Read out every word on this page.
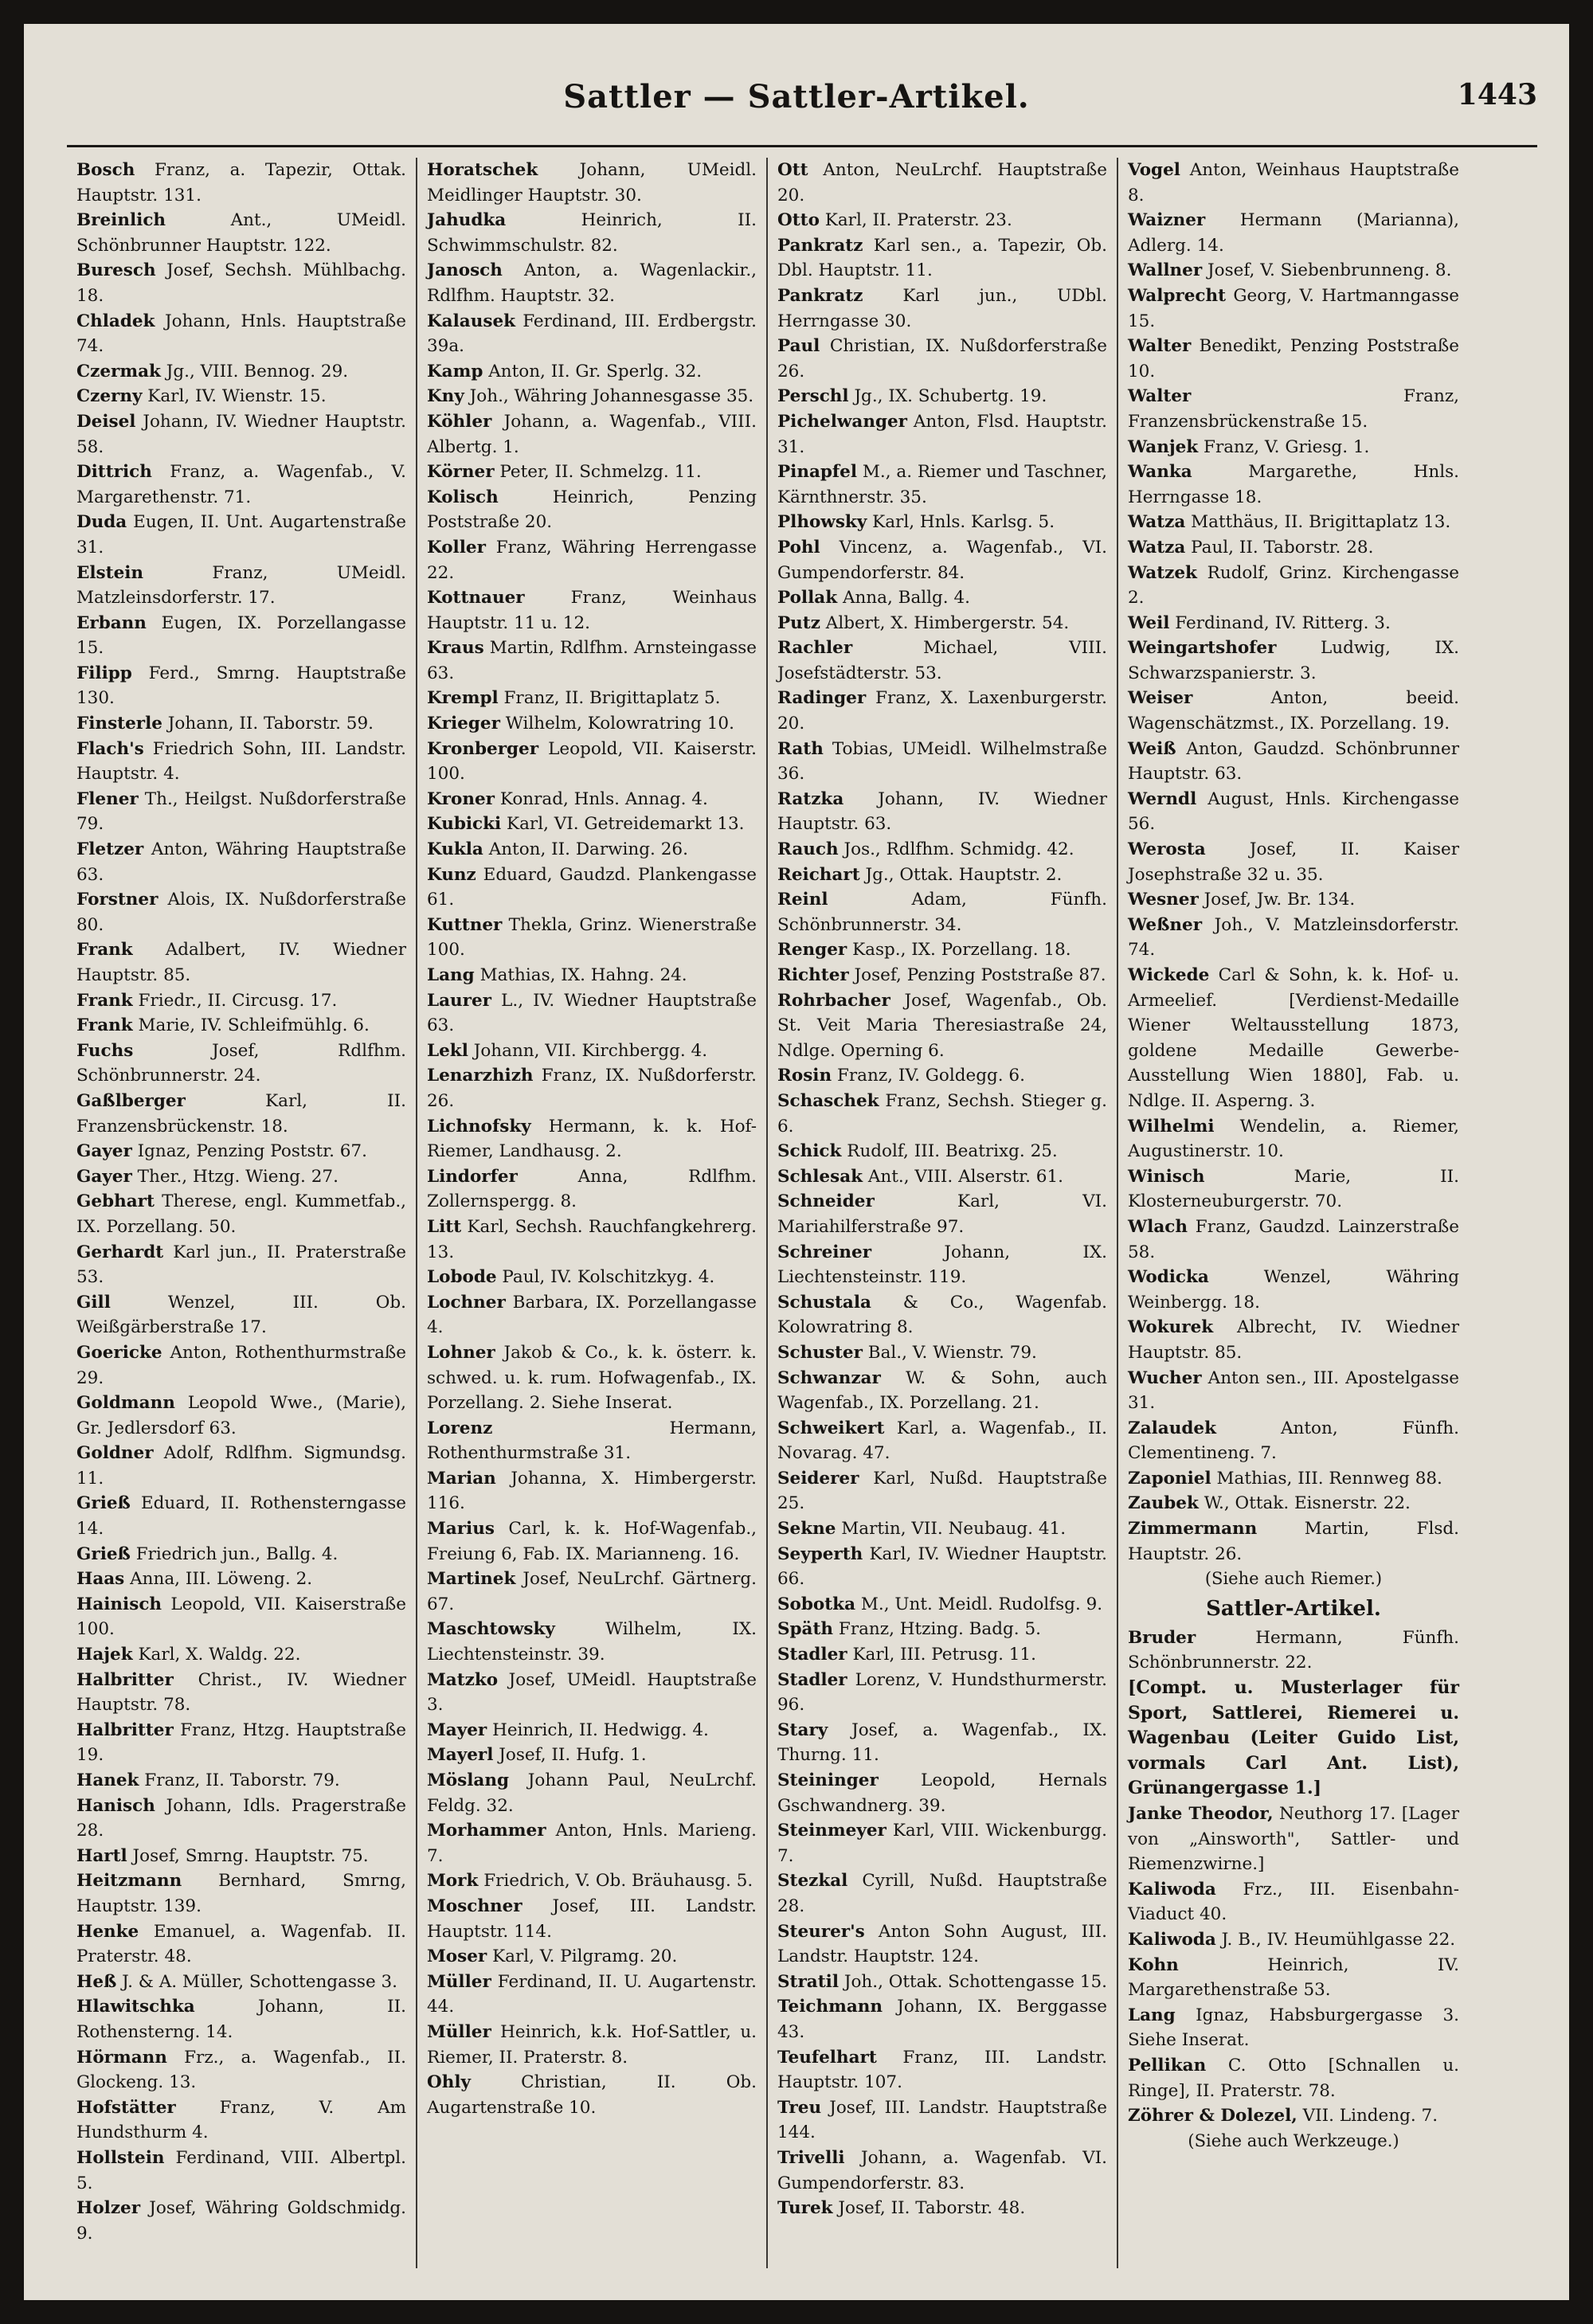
Sattler — Sattler-Artikel.	1443
Bosch Franz, a. Tapezir, Ottak. Hauptstr. 131.
Breinlich	Ant., UMeidl. Schönbrunner Hauptstr. 122.
Buresch Josef, Sechsh. Mühlbachg. 18.
Chladek Johann, Hnls. Hauptstraße 74.
Czermak Jg., VIII. Bennog. 29.
Czerny Karl, IV. Wienstr. 15.
Deisel Johann, IV. Wiedner Hauptstr. 58.
Dittrich Franz, a. Wagenfab., V. Margarethenstr. 71.
Duda Eugen, II. Unt. Augartenstraße 31.
Elstein	Franz, UMeidl. Matzleinsdorferstr. 17.
Erbann Eugen, IX. Porzellangasse 15.
Filipp Ferd., Smrng. Hauptstraße 130.
Finsterle Johann, II. Taborstr. 59.
Flach's Friedrich Sohn, III. Landstr. Hauptstr. 4.
Flener Th., Heilgst. Nußdorferstraße 79.
Fletzer Anton, Währing Hauptstraße 63.
Forstner Alois, IX. Nußdorferstraße 80.
Frank Adalbert, IV. Wiedner Hauptstr. 85.
Frank Friedr., II. Circusg. 17.
Frank Marie, IV. Schleifmühlg. 6.
Fuchs	Josef, Rdlfhm. Schönbrunnerstr. 24.
Gaßlberger	Karl, II. Franzensbrückenstr. 18.
Gayer Ignaz, Penzing Poststr. 67.
Gayer Ther., Htzg. Wieng. 27.
Gebhart Therese, engl. Kummetfab., IX. Porzellang. 50.
Gerhardt Karl jun., II. Praterstraße 53.
Gill	Wenzel, III. Ob. Weißgärberstraße 17.
Goericke Anton, Rothenthurmstraße 29.
Goldmann Leopold Wwe., (Marie), Gr. Jedlersdorf 63.
Goldner Adolf, Rdlfhm. Sigmundsg. 11.
Grieß Eduard, II. Rothensterngasse 14.
Grieß Friedrich jun., Ballg. 4.
Haas Anna, III. Löweng. 2.
Hainisch Leopold, VII. Kaiserstraße 100.
Hajek Karl, X. Waldg. 22.
Halbritter Christ., IV. Wiedner Hauptstr. 78.
Halbritter Franz, Htzg. Hauptstraße 19.
Hanek Franz, II. Taborstr. 79.
Hanisch Johann, Idls. Pragerstraße 28.
Hartl Josef, Smrng. Hauptstr. 75.
Heitzmann Bernhard, Smrng, Hauptstr. 139.
Henke Emanuel, a. Wagenfab. II. Praterstr. 48.
Heß J. & A. Müller, Schottengasse 3.
Hlawitschka	Johann, II. Rothensterng. 14.
Hörmann Frz., a. Wagenfab., II. Glockeng. 13.
Hofstätter	Franz, V. Am Hundsthurm 4.
Hollstein Ferdinand, VIII. Albertpl. 5.
Holzer Josef, Währing Goldschmidg. 9.
Horatschek Johann, UMeidl. Meidlinger Hauptstr. 30.
Jahudka	Heinrich, II. Schwimmschulstr. 82.
Janosch Anton, a. Wagenlackir., Rdlfhm. Hauptstr. 32.
Kalausek Ferdinand, III. Erdbergstr. 39a.
Kamp Anton, II. Gr. Sperlg. 32.
Kny Joh., Währing Johannesgasse 35.
Köhler Johann, a. Wagenfab., VIII. Albertg. 1.
Körner Peter, II. Schmelzg. 11.
Kolisch	Heinrich, Penzing Poststraße 20.
Koller Franz, Währing Herrengasse 22.
Kottnauer	Franz, Weinhaus Hauptstr. 11 u. 12.
Kraus Martin, Rdlfhm. Arnsteingasse 63.
Krempl Franz, II. Brigittaplatz 5.
Krieger Wilhelm, Kolowratring 10.
Kronberger Leopold, VII. Kaiserstr. 100.
Kroner Konrad, Hnls. Annag. 4.
Kubicki Karl, VI. Getreidemarkt 13.
Kukla Anton, II. Darwing. 26.
Kunz Eduard, Gaudzd. Plankengasse 61.
Kuttner Thekla, Grinz. Wienerstraße 100.
Lang Mathias, IX. Hahng. 24.
Laurer L., IV. Wiedner Hauptstraße 63.
Lekl Johann, VII. Kirchbergg. 4.
Lenarzhizh Franz, IX. Nußdorferstr. 26.
Lichnofsky Hermann, k. k. Hof-Riemer, Landhausg. 2.
Lindorfer	Anna, Rdlfhm. Zollernspergg. 8.
Litt Karl, Sechsh. Rauchfangkehrerg. 13.
Lobode Paul, IV. Kolschitzkyg. 4.
Lochner Barbara, IX. Porzellangasse 4.
Lohner Jakob & Co., k. k. österr. k. schwed. u. k. rum. Hofwagenfab., IX. Porzellang. 2. Siehe Inserat.
Lorenz	Hermann, Rothenthurmstraße 31.
Marian Johanna, X. Himbergerstr. 116.
Marius Carl, k. k. Hof-Wagenfab., Freiung 6, Fab. IX. Marianneng. 16.
Martinek Josef, NeuLrchf. Gärtnerg. 67.
Maschtowsky	Wilhelm, IX. Liechtensteinstr. 39.
Matzko Josef, UMeidl. Hauptstraße 3.
Mayer Heinrich, II. Hedwigg. 4.
Mayerl Josef, II. Hufg. 1.
Möslang Johann Paul, NeuLrchf. Feldg. 32.
Morhammer Anton, Hnls. Marieng. 7.
Mork Friedrich, V. Ob. Bräuhausg. 5.
Moschner Josef, III. Landstr. Hauptstr. 114.
Moser Karl, V. Pilgramg. 20.
Müller Ferdinand, II. U. Augartenstr. 44.
Müller Heinrich, k.k. Hof-Sattler, u. Riemer, II. Praterstr. 8.
Ohly	Christian, II. Ob. Augartenstraße 10.
Ott Anton, NeuLrchf. Hauptstraße 20.
Otto Karl, II. Praterstr. 23.
Pankratz Karl sen., a. Tapezir, Ob. Dbl. Hauptstr. 11.
Pankratz Karl jun., UDbl. Herrngasse 30.
Paul Christian, IX. Nußdorferstraße 26.
Perschl Jg., IX. Schubertg. 19.
Pichelwanger Anton, Flsd. Hauptstr. 31.
Pinapfel M., a. Riemer und Taschner, Kärnthnerstr. 35.
Plhowsky Karl, Hnls. Karlsg. 5.
Pohl Vincenz, a. Wagenfab., VI. Gumpendorferstr. 84.
Pollak Anna, Ballg. 4.
Putz Albert, X. Himbergerstr. 54.
Rachler	Michael, VIII. Josefstädterstr. 53.
Radinger Franz, X. Laxenburgerstr. 20.
Rath Tobias, UMeidl. Wilhelmstraße 36.
Ratzka Johann, IV. Wiedner Hauptstr. 63.
Rauch Jos., Rdlfhm. Schmidg. 42.
Reichart Jg., Ottak. Hauptstr. 2.
Reinl	Adam, Fünfh. Schönbrunnerstr. 34.
Renger Kasp., IX. Porzellang. 18.
Richter Josef, Penzing Poststraße 87.
Rohrbacher Josef, Wagenfab., Ob. St. Veit Maria Theresiastraße 24, Ndlge. Operning 6.
Rosin Franz, IV. Goldegg. 6.
Schaschek Franz, Sechsh. Stieger g. 6.
Schick Rudolf, III. Beatrixg. 25.
Schlesak Ant., VIII. Alserstr. 61.
Schneider	Karl, VI. Mariahilferstraße 97.
Schreiner	Johann, IX. Liechtensteinstr. 119.
Schustala & Co., Wagenfab. Kolowratring 8.
Schuster Bal., V. Wienstr. 79.
Schwanzar W. & Sohn, auch Wagenfab., IX. Porzellang. 21.
Schweikert Karl, a. Wagenfab., II. Novarag. 47.
Seiderer Karl, Nußd. Hauptstraße 25.
Sekne Martin, VII. Neubaug. 41.
Seyperth Karl, IV. Wiedner Hauptstr. 66.
Sobotka M., Unt. Meidl. Rudolfsg. 9.
Späth Franz, Htzing. Badg. 5.
Stadler Karl, III. Petrusg. 11.
Stadler Lorenz, V. Hundsthurmerstr. 96.
Stary Josef, a. Wagenfab., IX. Thurng. 11.
Steininger Leopold, Hernals Gschwandnerg. 39.
Steinmeyer Karl, VIII. Wickenburgg. 7.
Stezkal Cyrill, Nußd. Hauptstraße 28.
Steurer's Anton Sohn August, III. Landstr. Hauptstr. 124.
Stratil Joh., Ottak. Schottengasse 15.
Teichmann Johann, IX. Berggasse 43.
Teufelhart Franz, III. Landstr. Hauptstr. 107.
Treu Josef, III. Landstr. Hauptstraße 144.
Trivelli Johann, a. Wagenfab. VI. Gumpendorferstr. 83.
Turek Josef, II. Taborstr. 48.
Vogel Anton, Weinhaus Hauptstraße 8.
Waizner Hermann (Marianna), Adlerg. 14.
Wallner Josef, V. Siebenbrunneng. 8.
Walprecht Georg, V. Hartmanngasse 15.
Walter Benedikt, Penzing Poststraße 10.
Walter	Franz, Franzensbrückenstraße 15.
Wanjek Franz, V. Griesg. 1.
Wanka	Margarethe, Hnls. Herrngasse 18.
Watza Matthäus, II. Brigittaplatz 13.
Watza Paul, II. Taborstr. 28.
Watzek Rudolf, Grinz. Kirchengasse 2.
Weil Ferdinand, IV. Ritterg. 3.
Weingartshofer	Ludwig, IX. Schwarzspanierstr. 3.
Weiser	Anton, beeid. Wagenschätzmst., IX. Porzellang. 19.
Weiß Anton, Gaudzd. Schönbrunner Hauptstr. 63.
Werndl August, Hnls. Kirchengasse 56.
Werosta	Josef, II. Kaiser Josephstraße 32 u. 35.
Wesner Josef, Jw. Br. 134.
Weßner Joh., V. Matzleinsdorferstr. 74.
Wickede Carl & Sohn, k. k. Hof- u. Armeelief. [Verdienst-Medaille Wiener Weltausstellung 1873, goldene Medaille Gewerbe-Ausstellung Wien 1880], Fab. u. Ndlge. II. Asperng. 3.
Wilhelmi Wendelin, a. Riemer, Augustinerstr. 10.
Winisch	Marie, II. Klosterneuburgerstr. 70.
Wlach Franz, Gaudzd. Lainzerstraße 58.
Wodicka	Wenzel, Währing Weinbergg. 18.
Wokurek Albrecht, IV. Wiedner Hauptstr. 85.
Wucher Anton sen., III. Apostelgasse 31.
Zalaudek	Anton, Fünfh. Clementineng. 7.
Zaponiel Mathias, III. Rennweg 88.
Zaubek W., Ottak. Eisnerstr. 22.
Zimmermann	Martin, Flsd. Hauptstr. 26.
(Siehe auch Riemer.)
Sattler-Artikel.
Bruder	Hermann, Fünfh. Schönbrunnerstr. 22.
[Compt. u. Musterlager für Sport, Sattlerei, Riemerei u. Wagenbau (Leiter Guido List, vormals Carl Ant. List), Grünangergasse 1.]
Janke Theodor, Neuthorg 17. [Lager von „Ainsworth", Sattler- und Riemenzwirne.]
Kaliwoda Frz., III. Eisenbahn-Viaduct 40.
Kaliwoda J. B., IV. Heumühlgasse 22.
Kohn	Heinrich, IV. Margarethenstraße 53.
Lang Ignaz, Habsburgergasse 3. Siehe Inserat.
Pellikan C. Otto [Schnallen u. Ringe], II. Praterstr. 78.
Zöhrer & Dolezel, VII. Lindeng. 7.
(Siehe auch Werkzeuge.)
